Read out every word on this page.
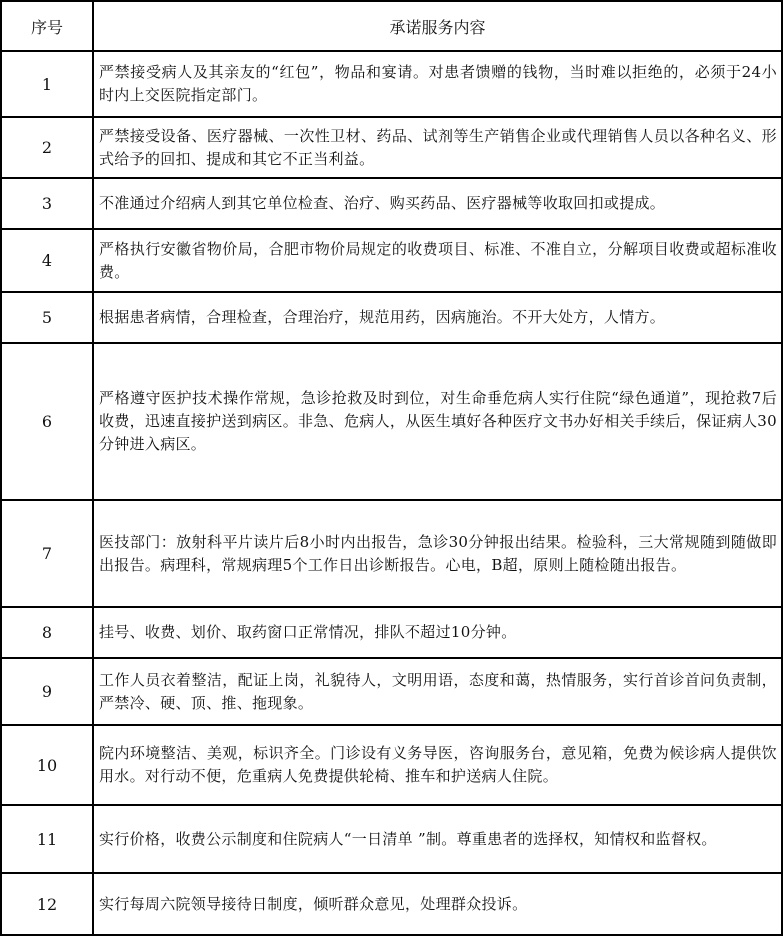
序号	承诺服务内容
1	严禁接受病人及其亲友的“红包”，物品和宴请。对患者馈赠的钱物，当时难以拒绝的，必须于24小时内上交医院指定部门。
2	严禁接受设备、医疗器械、一次性卫材、药品、试剂等生产销售企业或代理销售人员以各种名义、形式给予的回扣、提成和其它不正当利益。
3	不准通过介绍病人到其它单位检查、治疗、购买药品、医疗器械等收取回扣或提成。
4	严格执行安徽省物价局，合肥市物价局规定的收费项目、标准、不准自立，分解项目收费或超标准收费。
5	根据患者病情，合理检查，合理治疗，规范用药，因病施治。不开大处方，人情方。
6	严格遵守医护技术操作常规，急诊抢救及时到位，对生命垂危病人实行住院“绿色通道”，现抢救7后收费，迅速直接护送到病区。非急、危病人，从医生填好各种医疗文书办好相关手续后，保证病人30分钟进入病区。
7	医技部门：放射科平片读片后8小时内出报告，急诊30分钟报出结果。检验科，三大常规随到随做即出报告。病理科，常规病理5个工作日出诊断报告。心电，B超，原则上随检随出报告。
8	挂号、收费、划价、取药窗口正常情况，排队不超过10分钟。
9	工作人员衣着整洁，配证上岗，礼貌待人，文明用语，态度和蔼，热情服务，实行首诊首问负责制，严禁冷、硬、顶、推、拖现象。
10	院内环境整洁、美观，标识齐全。门诊设有义务导医，咨询服务台，意见箱，免费为候诊病人提供饮用水。对行动不便，危重病人免费提供轮椅、推车和护送病人住院。
11	实行价格，收费公示制度和住院病人“一日清单 ”制。尊重患者的选择权，知情权和监督权。
12	实行每周六院领导接待日制度，倾听群众意见，处理群众投诉。
